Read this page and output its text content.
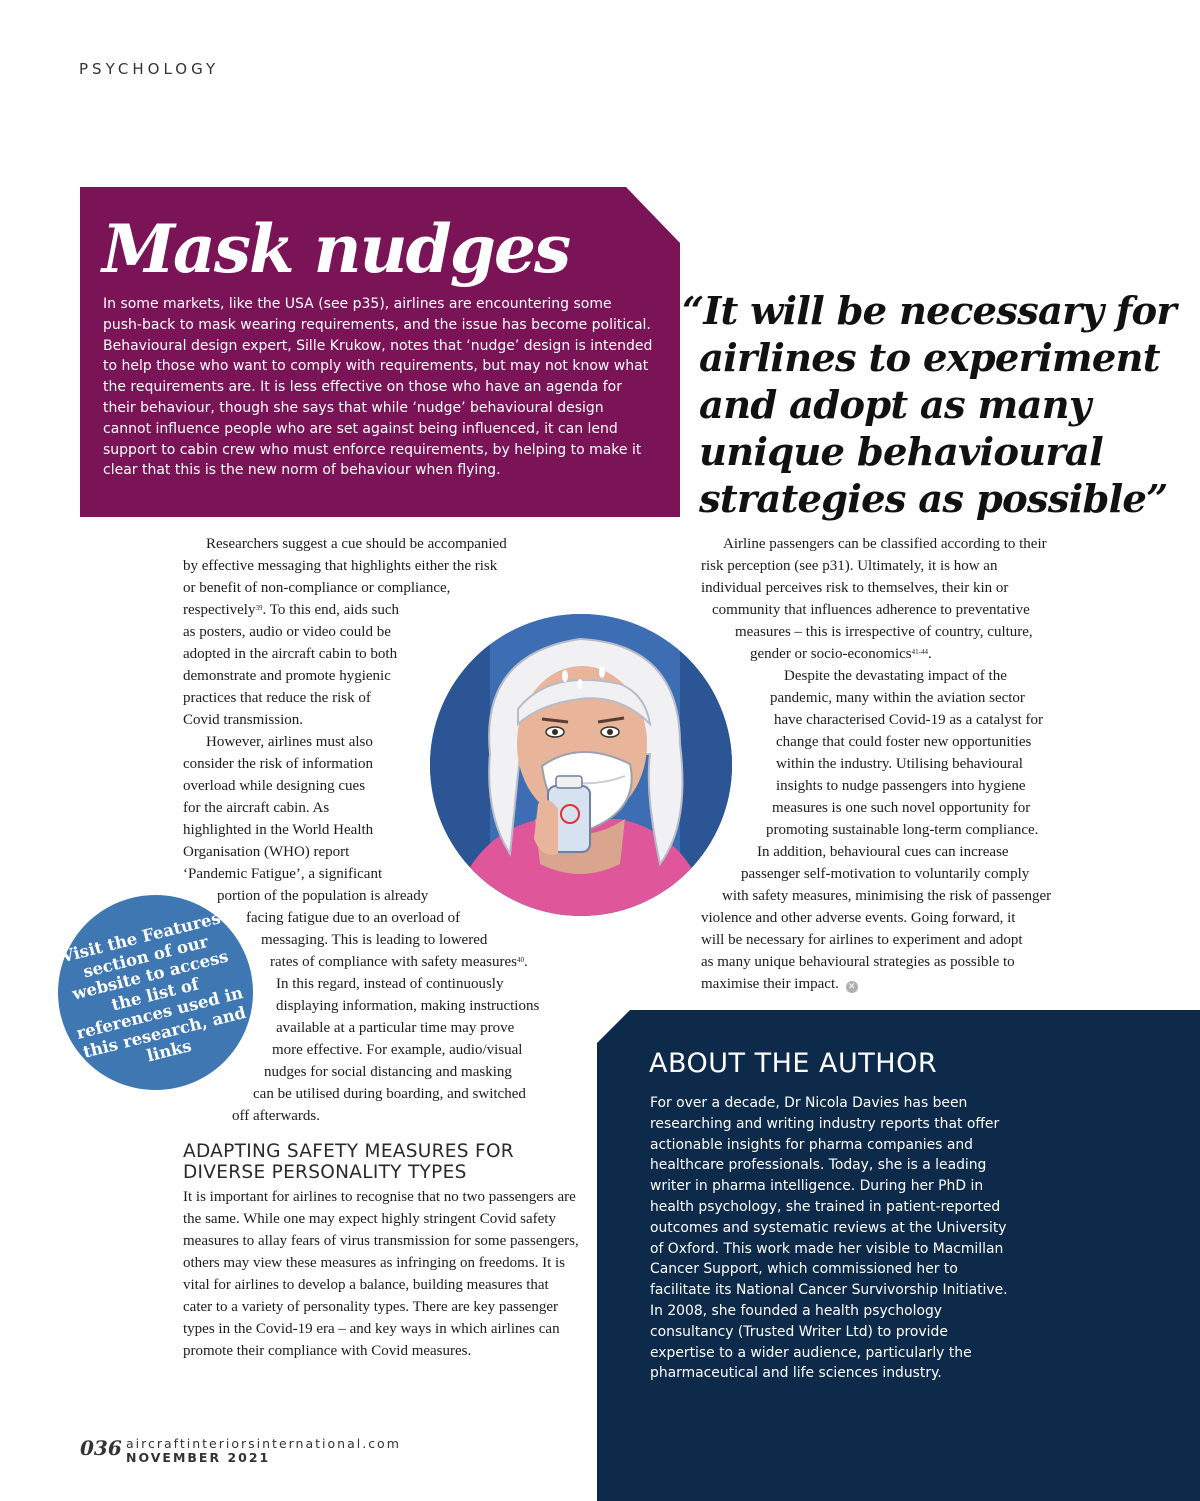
PSYCHOLOGY
Mask nudges
In some markets, like the USA (see p35), airlines are encountering some push-back to mask wearing requirements, and the issue has become political. Behavioural design expert, Sille Krukow, notes that ‘nudge’ design is intended to help those who want to comply with requirements, but may not know what the requirements are. It is less effective on those who have an agenda for their behaviour, though she says that while ‘nudge’ behavioural design cannot influence people who are set against being influenced, it can lend support to cabin crew who must enforce requirements, by helping to make it clear that this is the new norm of behaviour when flying.
“It will be necessary for
airlines to experiment
and adopt as many
unique behavioural
strategies as possible”
Researchers suggest a cue should be accompanied
by effective messaging that highlights either the risk
or benefit of non-compliance or compliance,
respectively$^{39}$. To this end, aids such
as posters, audio or video could be
adopted in the aircraft cabin to both
demonstrate and promote hygienic
practices that reduce the risk of
Covid transmission.
However, airlines must also
consider the risk of information
overload while designing cues
for the aircraft cabin. As
highlighted in the World Health
Organisation (WHO) report
‘Pandemic Fatigue’, a significant
portion of the population is already
facing fatigue due to an overload of
messaging. This is leading to lowered
rates of compliance with safety measures$^{40}$.
In this regard, instead of continuously
displaying information, making instructions
available at a particular time may prove
more effective. For example, audio/visual
nudges for social distancing and masking
can be utilised during boarding, and switched
off afterwards.
Visit the Features section of our website to access the list of references used in this research, and links
ADAPTING SAFETY MEASURES FOR DIVERSE PERSONALITY TYPES
It is important for airlines to recognise that no two passengers are the same. While one may expect highly stringent Covid safety measures to allay fears of virus transmission for some passengers, others may view these measures as infringing on freedoms. It is vital for airlines to develop a balance, building measures that cater to a variety of personality types. There are key passenger types in the Covid-19 era – and key ways in which airlines can promote their compliance with Covid measures.
Airline passengers can be classified according to their
risk perception (see p31). Ultimately, it is how an
individual perceives risk to themselves, their kin or
community that influences adherence to preventative
measures – this is irrespective of country, culture,
gender or socio-economics$^{41-44}$.
Despite the devastating impact of the
pandemic, many within the aviation sector
have characterised Covid-19 as a catalyst for
change that could foster new opportunities
within the industry. Utilising behavioural
insights to nudge passengers into hygiene
measures is one such novel opportunity for
promoting sustainable long-term compliance.
In addition, behavioural cues can increase
passenger self-motivation to voluntarily comply
with safety measures, minimising the risk of passenger
violence and other adverse events. Going forward, it
will be necessary for airlines to experiment and adopt
as many unique behavioural strategies as possible to
maximise their impact. ✕
ABOUT THE AUTHOR
For over a decade, Dr Nicola Davies has been researching and writing industry reports that offer actionable insights for pharma companies and healthcare professionals. Today, she is a leading writer in pharma intelligence. During her PhD in health psychology, she trained in patient-reported outcomes and systematic reviews at the University of Oxford. This work made her visible to Macmillan Cancer Support, which commissioned her to facilitate its National Cancer Survivorship Initiative. In 2008, she founded a health psychology consultancy (Trusted Writer Ltd) to provide expertise to a wider audience, particularly the pharmaceutical and life sciences industry.
036 aircraftinteriorsinternational.com
NOVEMBER 2021
